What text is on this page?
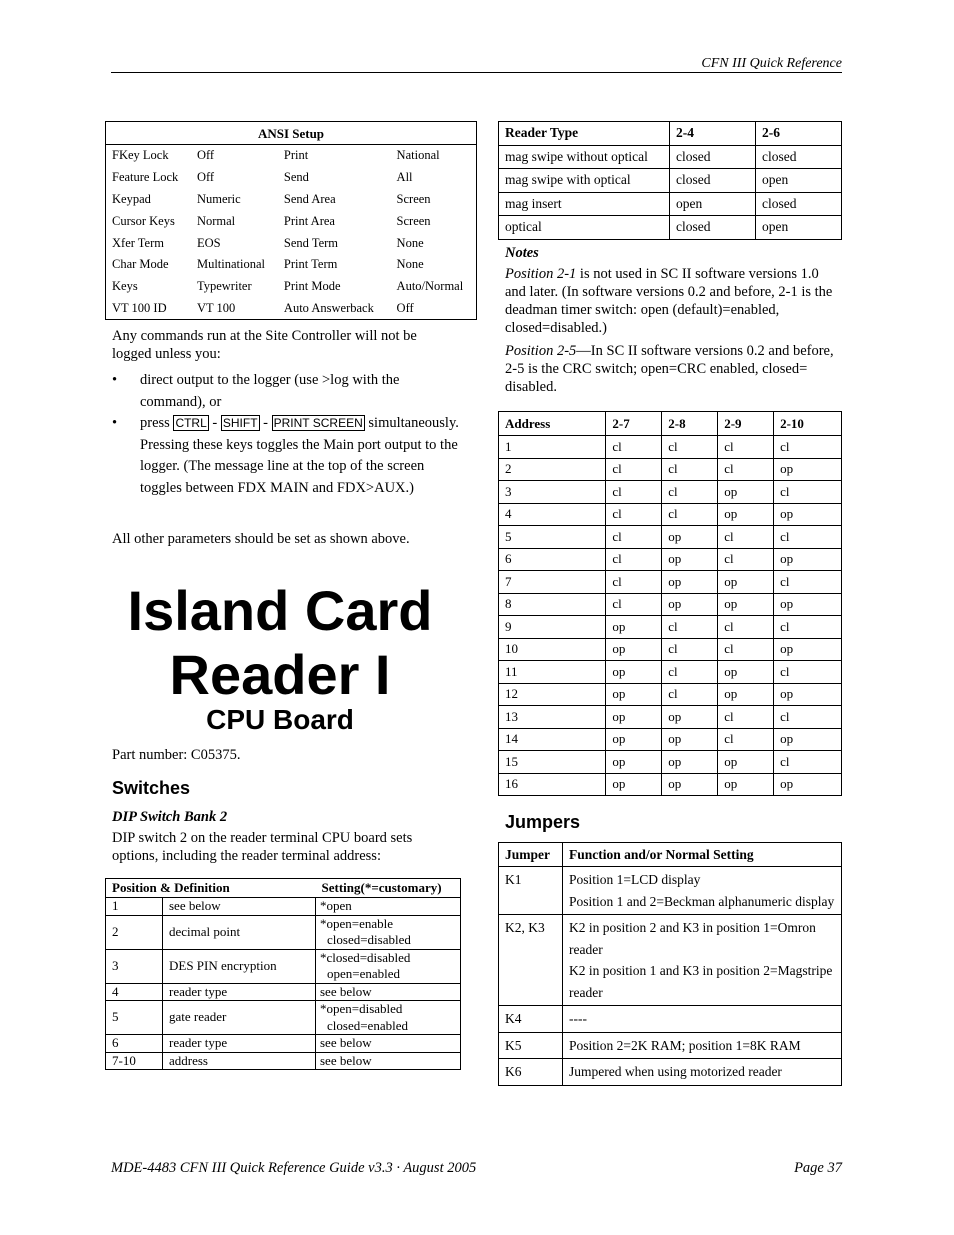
CFN III Quick Reference
MDE-4483 CFN III Quick Reference Guide v3.3 · August 2005	Page 37
ANSI Setup			
FKey Lock	Off	Print	National
Feature Lock	Off	Send	All
Keypad	Numeric	Send Area	Screen
Cursor Keys	Normal	Print Area	Screen
Xfer Term	EOS	Send Term	None
Char Mode	Multinational	Print Term	None
Keys	Typewriter	Print Mode	Auto/Normal
VT 100 ID	VT 100	Auto Answerback	Off
Any commands run at the Site Controller will not be logged unless you:
• direct output to the logger (use >log with the command), or
• press CTRL - SHIFT - PRINT SCREEN simultaneously. Pressing these keys toggles the Main port output to the logger. (The message line at the top of the screen toggles between FDX MAIN and FDX>AUX.)
All other parameters should be set as shown above.
Island Card
Reader I
CPU Board
Part number: C05375.
Switches
DIP Switch Bank 2
DIP switch 2 on the reader terminal CPU board sets options, including the reader terminal address:
Position & Definition		Setting(*=customary)
1	see below	*open

2	decimal point	*open=enable
closed=disabled

3	DES PIN encryption	*closed=disabled
open=enabled

4	reader type	see below

5	gate reader	*open=disabled
closed=enabled

6	reader type	see below

7-10	address	see below
Reader Type	2-4	2-6
mag swipe without optical	closed	closed
mag swipe with optical	closed	open
mag insert	open	closed
optical	closed	open
Notes
Position 2-1 is not used in SC II software versions 1.0 and later. (In software versions 0.2 and before, 2-1 is the deadman timer switch: open (default)=enabled, closed=disabled.)
Position 2-5—In SC II software versions 0.2 and before, 2-5 is the CRC switch; open=CRC enabled, closed= disabled.
Address	2-7	2-8	2-9	2-10
1	cl	cl	cl	cl
2	cl	cl	cl	op
3	cl	cl	op	cl
4	cl	cl	op	op
5	cl	op	cl	cl
6	cl	op	cl	op
7	cl	op	op	cl
8	cl	op	op	op
9	op	cl	cl	cl
10	op	cl	cl	op
11	op	cl	op	cl
12	op	cl	op	op
13	op	op	cl	cl
14	op	op	cl	op
15	op	op	op	cl
16	op	op	op	op
Jumpers
Jumper	Function and/or Normal Setting
K1	Position 1=LCD display
Position 1 and 2=Beckman alphanumeric display

K2, K3	K2 in position 2 and K3 in position 1=Omron reader
K2 in position 1 and K3 in position 2=Magstripe reader

K4	----

K5	Position 2=2K RAM; position 1=8K RAM

K6	Jumpered when using motorized reader
